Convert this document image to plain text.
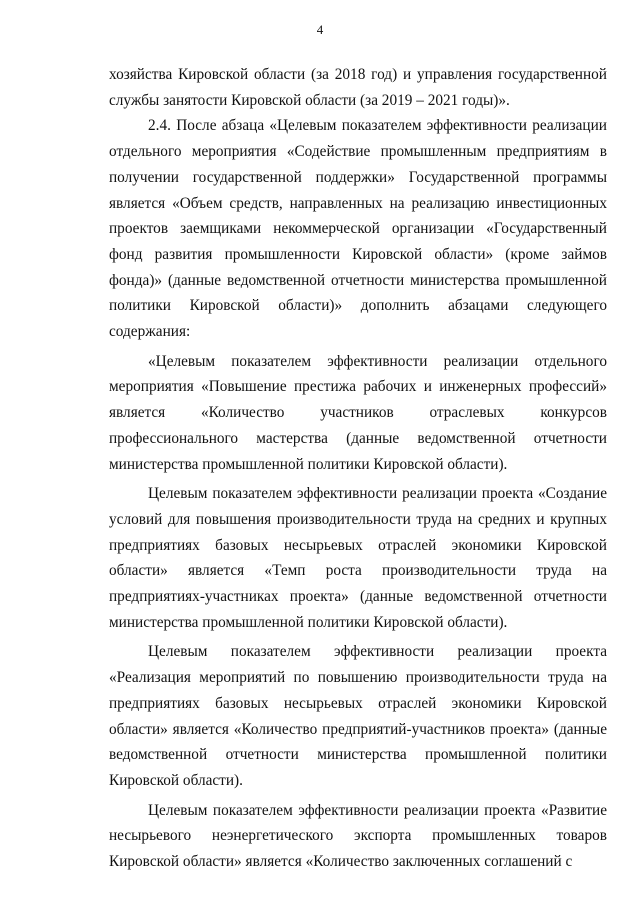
4

хозяйства Кировской области (за 2018 год) и управления государственной службы занятости Кировской области (за 2019 – 2021 годы)».

2.4. После абзаца «Целевым показателем эффективности реализации отдельного мероприятия «Содействие промышленным предприятиям в получении государственной поддержки» Государственной программы является «Объем средств, направленных на реализацию инвестиционных проектов заемщиками некоммерческой организации «Государственный фонд развития промышленности Кировской области» (кроме займов фонда)» (данные ведомственной отчетности министерства промышленной политики Кировской области)» дополнить абзацами следующего содержания:

«Целевым показателем эффективности реализации отдельного мероприятия «Повышение престижа рабочих и инженерных профессий» является «Количество участников отраслевых конкурсов профессионального мастерства (данные ведомственной отчетности министерства промышленной политики Кировской области).

Целевым показателем эффективности реализации проекта «Создание условий для повышения производительности труда на средних и крупных предприятиях базовых несырьевых отраслей экономики Кировской области» является «Темп роста производительности труда на предприятиях-участниках проекта» (данные ведомственной отчетности министерства промышленной политики Кировской области).

Целевым показателем эффективности реализации проекта «Реализация мероприятий по повышению производительности труда на предприятиях базовых несырьевых отраслей экономики Кировской области» является «Количество предприятий-участников проекта» (данные ведомственной отчетности министерства промышленной политики Кировской области).

Целевым показателем эффективности реализации проекта «Развитие несырьевого неэнергетического экспорта промышленных товаров Кировской области» является «Количество заключенных соглашений с
